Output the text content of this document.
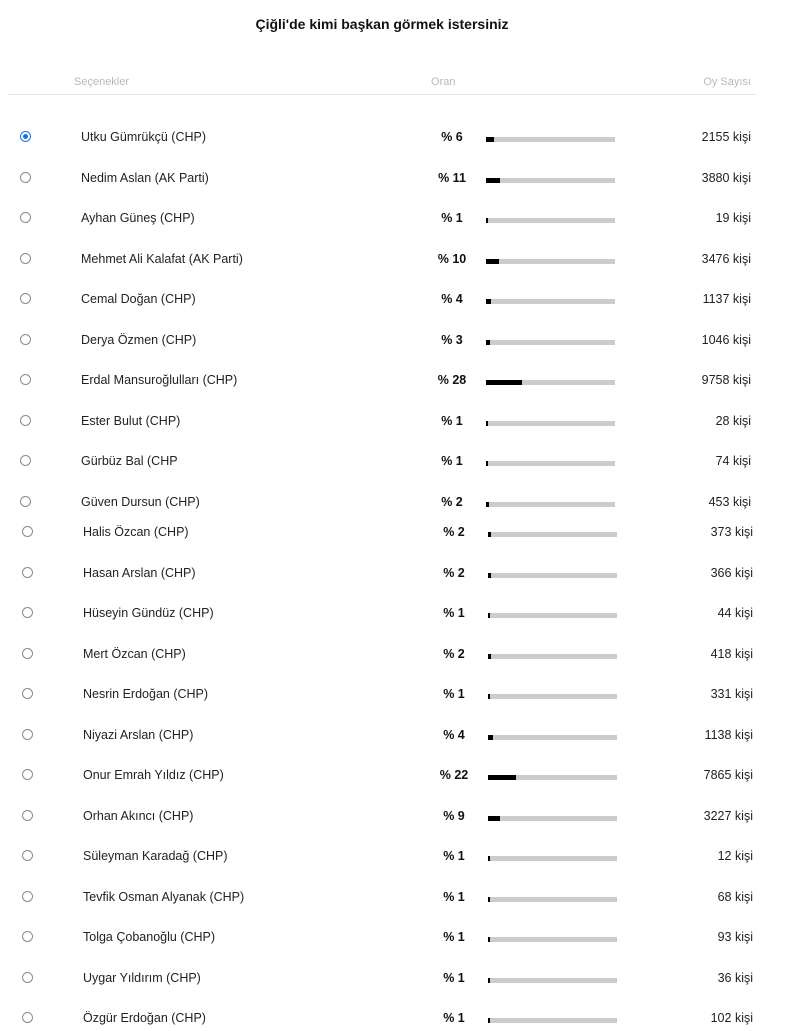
Çiğli'de kimi başkan görmek istersiniz
Seçenekler	Oran	Oy Sayısı
Utku Gümrükçü (CHP)	% 6	2155 kişi
Nedim Aslan (AK Parti)	% 11	3880 kişi
Ayhan Güneş (CHP)	% 1	19 kişi
Mehmet Ali Kalafat (AK Parti)	% 10	3476 kişi
Cemal Doğan (CHP)	% 4	1137 kişi
Derya Özmen (CHP)	% 3	1046 kişi
Erdal Mansuroğlulları (CHP)	% 28	9758 kişi
Ester Bulut (CHP)	% 1	28 kişi
Gürbüz Bal (CHP	% 1	74 kişi
Güven Dursun (CHP)	% 2	453 kişi
Halis Özcan (CHP)	% 2	373 kişi
Hasan Arslan (CHP)	% 2	366 kişi
Hüseyin Gündüz (CHP)	% 1	44 kişi
Mert Özcan (CHP)	% 2	418 kişi
Nesrin Erdoğan (CHP)	% 1	331 kişi
Niyazi Arslan (CHP)	% 4	1138 kişi
Onur Emrah Yıldız (CHP)	% 22	7865 kişi
Orhan Akıncı (CHP)	% 9	3227 kişi
Süleyman Karadağ (CHP)	% 1	12 kişi
Tevfik Osman Alyanak (CHP)	% 1	68 kişi
Tolga Çobanoğlu (CHP)	% 1	93 kişi
Uygar Yıldırım (CHP)	% 1	36 kişi
Özgür Erdoğan (CHP)	% 1	102 kişi
